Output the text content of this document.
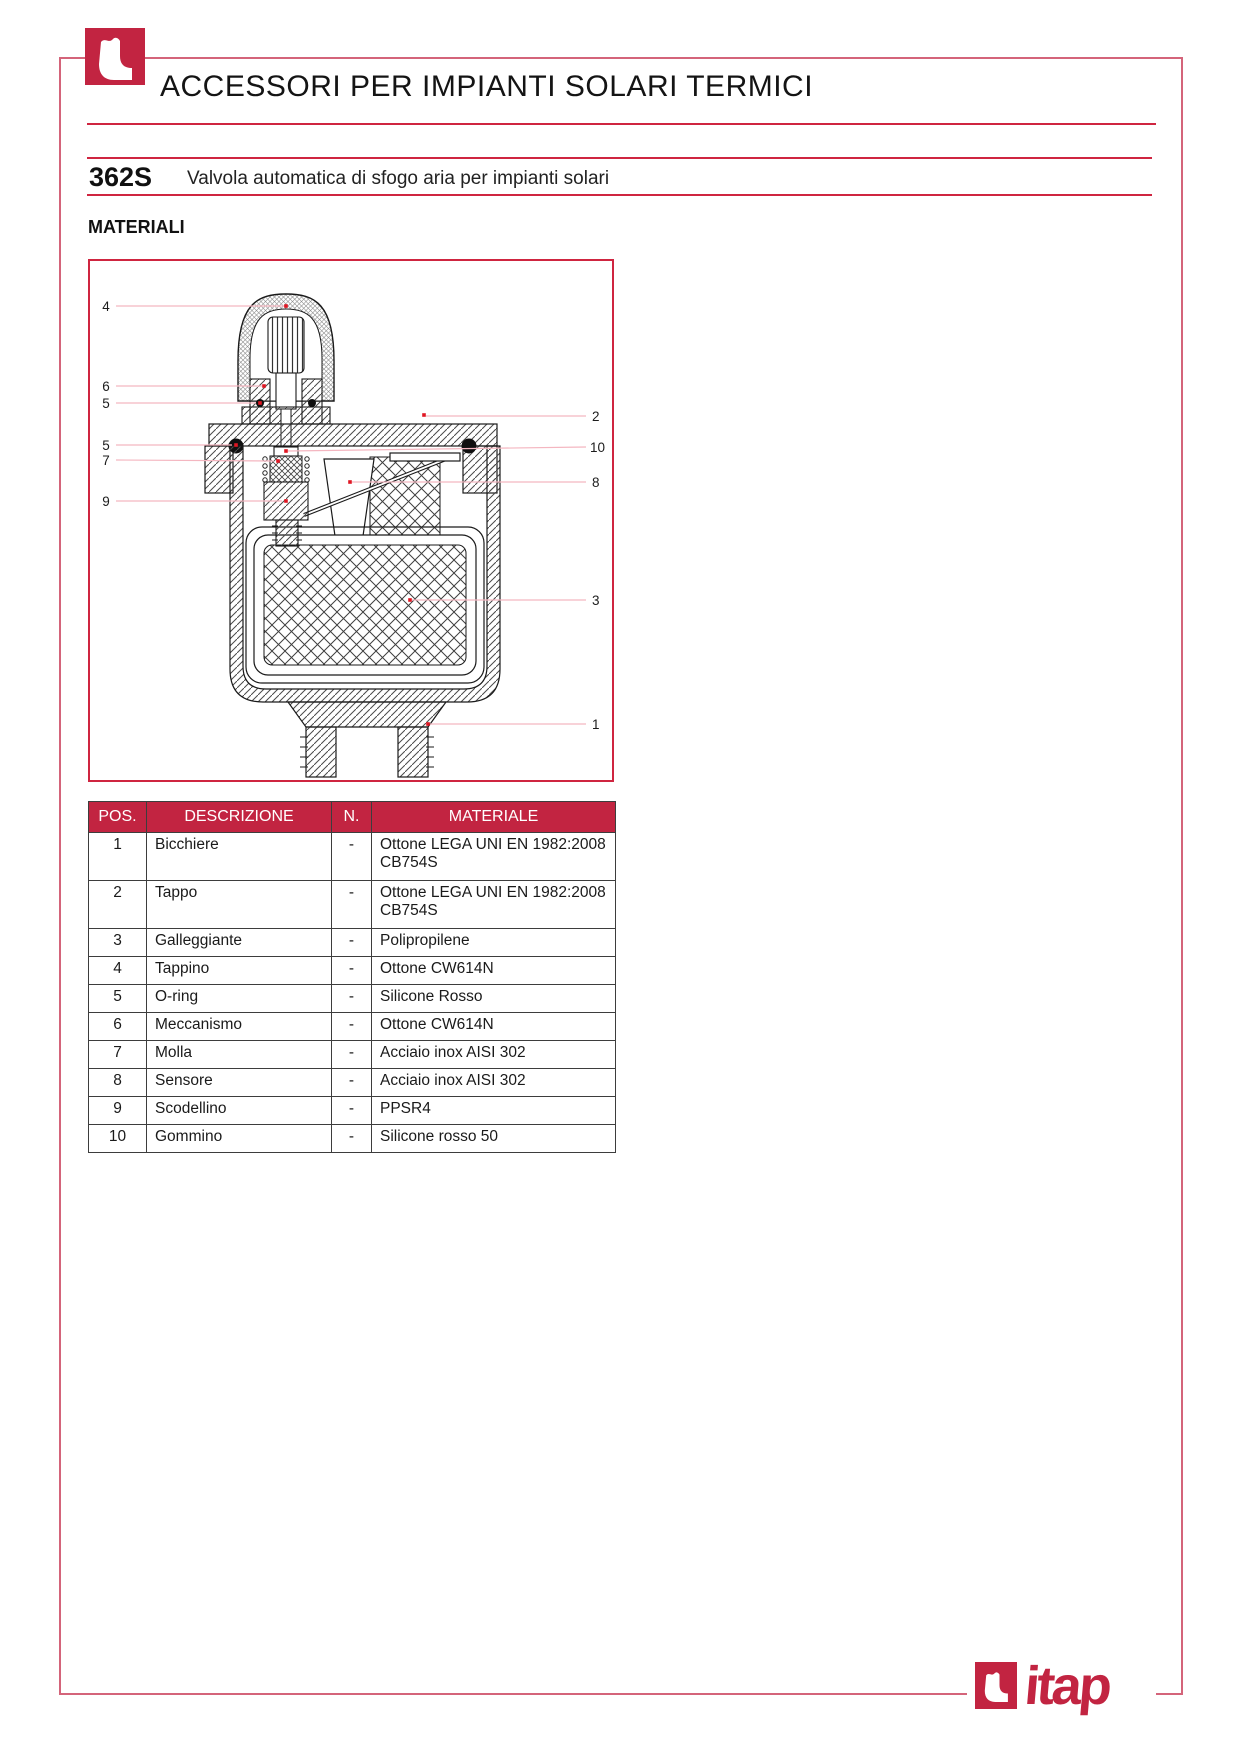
ACCESSORI PER IMPIANTI SOLARI TERMICI
362S Valvola automatica di sfogo aria per impianti solari
MATERIALI
4
6
5
5
7
9
2
10
8
3
1
POS.	DESCRIZIONE	N.	MATERIALE
1	Bicchiere	-	Ottone LEGA UNI EN 1982:2008 CB754S
2	Tappo	-	Ottone LEGA UNI EN 1982:2008 CB754S
3	Galleggiante	-	Polipropilene
4	Tappino	-	Ottone CW614N
5	O-ring	-	Silicone Rosso
6	Meccanismo	-	Ottone CW614N
7	Molla	-	Acciaio inox AISI 302
8	Sensore	-	Acciaio inox AISI 302
9	Scodellino	-	PPSR4
10	Gommino	-	Silicone rosso 50
itap
